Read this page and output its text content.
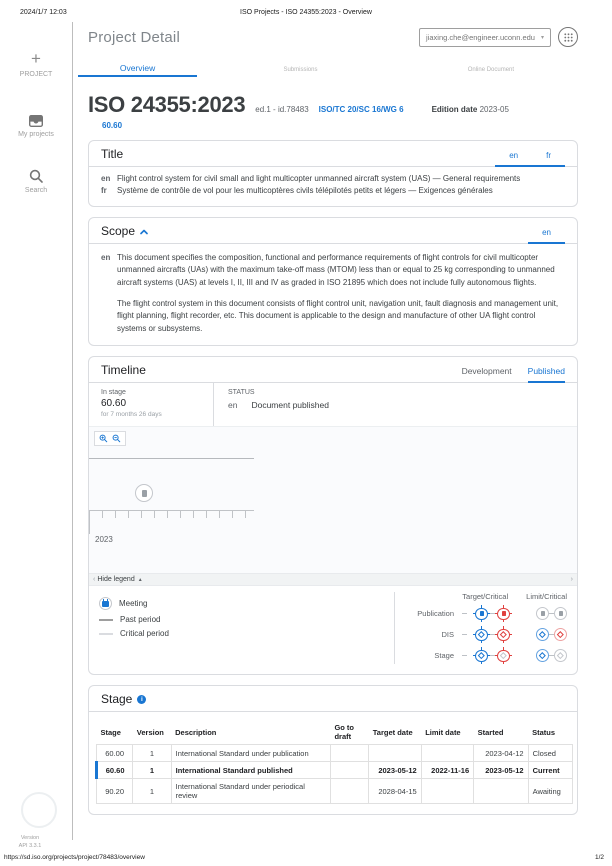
2024/1/7 12:03	ISO Projects - ISO 24355:2023 - Overview
https://sd.iso.org/projects/project/78483/overview	1/2
+
PROJECT
My projects
Search
Version
API 3.3.1
Project Detail	jiaxing.che@engineer.uconn.edu ▾
Overview	Submissions	Online Document
ISO 24355:2023 ed.1 - id.78483 ISO/TC 20/SC 16/WG 6	Edition date 2023-05
60.60
Title	en	fr
en Flight control system for civil small and light multicopter unmanned aircraft system (UAS) — General requirements
fr	Système de contrôle de vol pour les multicoptères civils télépilotés petits et légers — Exigences générales
Scope	en
en This document specifies the composition, functional and performance requirements of flight controls for civil multicopter unmanned aircrafts (UAs) with the maximum take-off mass (MTOM) less than or equal to 25 kg corresponding to unmanned aircraft systems (UAS) at levels I, II, III and IV as graded in ISO 21895 which does not include fully autonomous flights.

The flight control system in this document consists of flight control unit, navigation unit, fault diagnosis and management unit, flight planning, flight recorder, etc. This document is applicable to the design and manufacture of other UA flight control systems or subsystems.

Timeline	Development Published
In stage
60.60
for 7 months 26 days
STATUS
en Document published
2023
‹ Hide legend ▲	›
Meeting
Past period
Critical period
Target/Critical Limit/Critical
Publication
DIS
Stage
Stage	i
Stage	Version	Description	Go to draft	Target date	Limit date	Started	Status
60.00	1	International Standard under publication				2023-04-12	Closed
60.60	1	International Standard published		2023-05-12	2022-11-16	2023-05-12	Current
90.20	1	International Standard under periodical review		2028-04-15			Awaiting
